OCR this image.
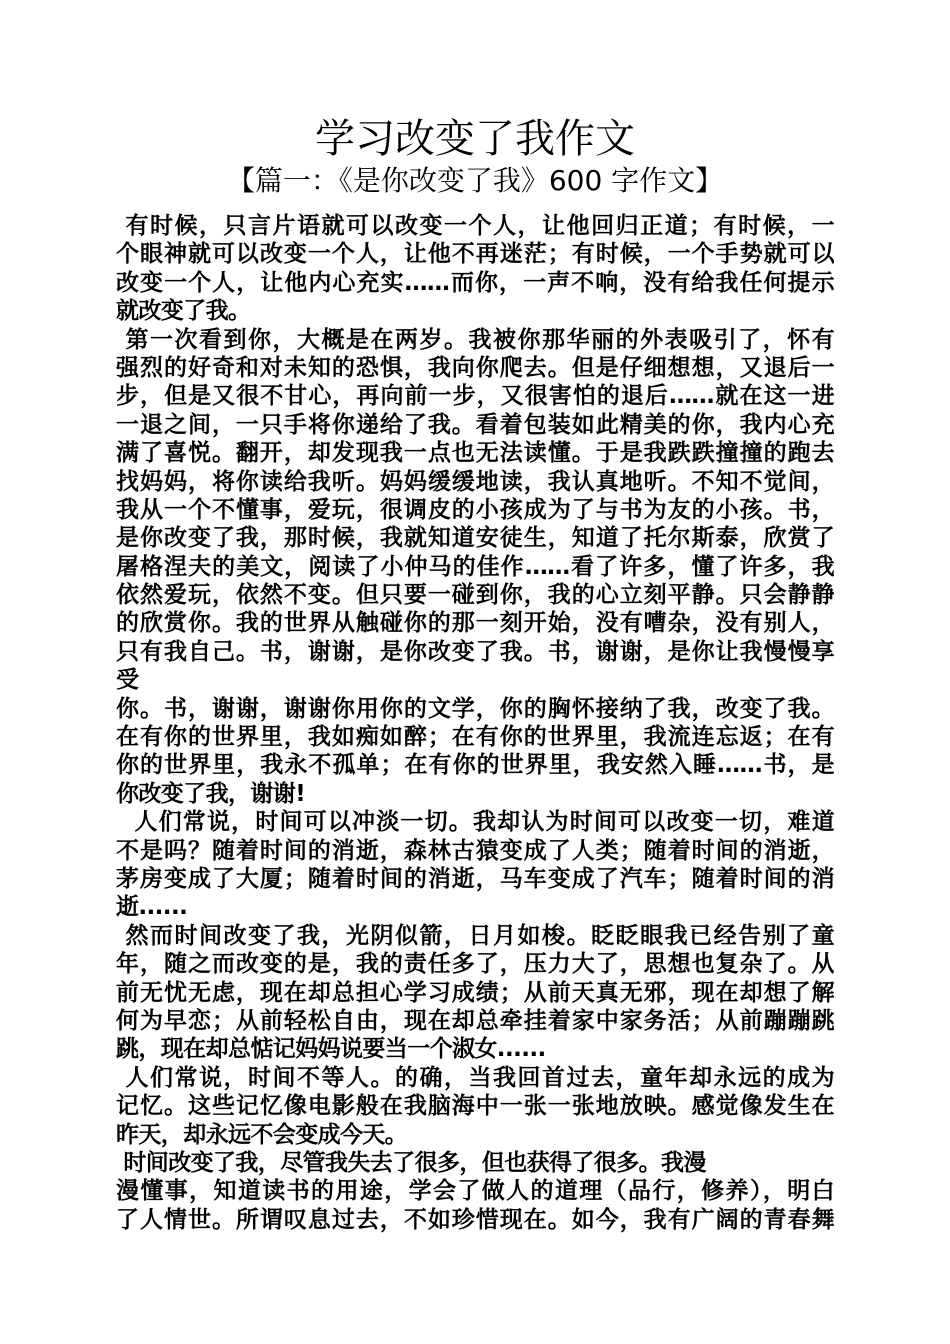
学习改变了我作文
【篇一：《是你改变了我》600 字作文】
有时候，只言片语就可以改变一个人，让他回归正道；有时候，一
个眼神就可以改变一个人，让他不再迷茫；有时候，一个手势就可以
改变一个人，让他内心充实……而你，一声不响，没有给我任何提示
就改变了我。
第一次看到你，大概是在两岁。我被你那华丽的外表吸引了，怀有
强烈的好奇和对未知的恐惧，我向你爬去。但是仔细想想，又退后一
步，但是又很不甘心，再向前一步，又很害怕的退后……就在这一进
一退之间，一只手将你递给了我。看着包装如此精美的你，我内心充
满了喜悦。翻开，却发现我一点也无法读懂。于是我跌跌撞撞的跑去
找妈妈，将你读给我听。妈妈缓缓地读，我认真地听。不知不觉间，
我从一个不懂事，爱玩，很调皮的小孩成为了与书为友的小孩。书，
是你改变了我，那时候，我就知道安徒生，知道了托尔斯泰，欣赏了
屠格涅夫的美文，阅读了小仲马的佳作……看了许多，懂了许多，我
依然爱玩，依然不变。但只要一碰到你，我的心立刻平静。只会静静
的欣赏你。我的世界从触碰你的那一刻开始，没有嘈杂，没有别人，
只有我自己。书，谢谢，是你改变了我。书，谢谢，是你让我慢慢享
受
你。书，谢谢，谢谢你用你的文学，你的胸怀接纳了我，改变了我。
在有你的世界里，我如痴如醉；在有你的世界里，我流连忘返；在有
你的世界里，我永不孤单；在有你的世界里，我安然入睡……书，是
你改变了我，谢谢!
人们常说，时间可以冲淡一切。我却认为时间可以改变一切，难道
不是吗？随着时间的消逝，森林古猿变成了人类；随着时间的消逝，
茅房变成了大厦；随着时间的消逝，马车变成了汽车；随着时间的消
逝......
然而时间改变了我，光阴似箭，日月如梭。眨眨眼我已经告别了童
年，随之而改变的是，我的责任多了，压力大了，思想也复杂了。从
前无忧无虑，现在却总担心学习成绩；从前天真无邪，现在却想了解
何为早恋；从前轻松自由，现在却总牵挂着家中家务活；从前蹦蹦跳
跳，现在却总惦记妈妈说要当一个淑女......
人们常说，时间不等人。的确，当我回首过去，童年却永远的成为
记忆。这些记忆像电影般在我脑海中一张一张地放映。感觉像发生在
昨天，却永远不会变成今天。
时间改变了我，尽管我失去了很多，但也获得了很多。我漫
漫懂事，知道读书的用途，学会了做人的道理（品行，修养），明白
了人情世。所谓叹息过去，不如珍惜现在。如今，我有广阔的青春舞
